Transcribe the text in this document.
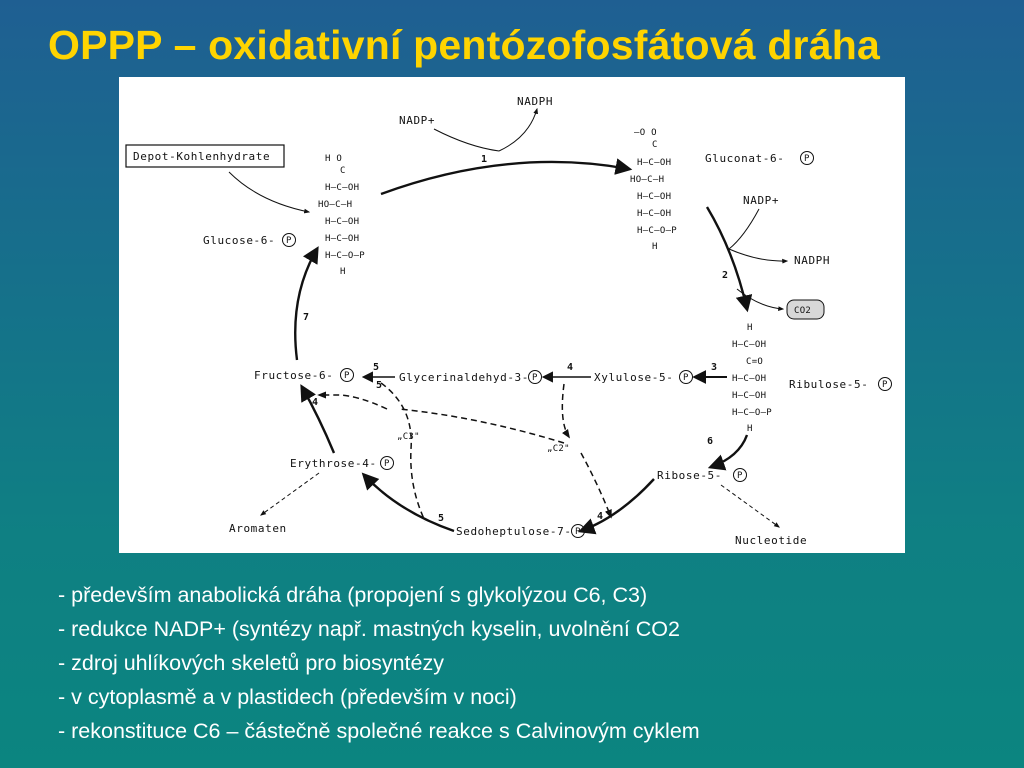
OPPP – oxidativní pentózofosfátová dráha
Depot-Kohlenhydrate	H O
C
H–C–OH
HO–C–H
H–C–OH
H–C–OH
H–C–O–P
H
Glucose-6- P
1
NADP+
NADPH
–O O
C
H–C–OH
HO–C–H
H–C–OH
H–C–OH
H–C–O–P
H
Gluconat-6- P
2
NADP+
NADPH
CO2
H
H–C–OH
C=O
H–C–OH
H–C–OH
H–C–O–P
H
Ribulose-5- P
3
Xylulose-5- P
4
Glycerinaldehyd-3- P
5
Fructose-6- P
7
6
Ribose-5- P
Nucleotide
4
Sedoheptulose-7- P
5
Erythrose-4- P
4
Aromaten
„C3"
„C2"
5
- především anabolická dráha (propojení s glykolýzou C6, C3)
- redukce NADP+ (syntézy např. mastných kyselin, uvolnění CO2
- zdroj uhlíkových skeletů pro biosyntézy
- v cytoplasmě a v plastidech (především v noci)
- rekonstituce C6 – částečně společné reakce s Calvinovým cyklem
